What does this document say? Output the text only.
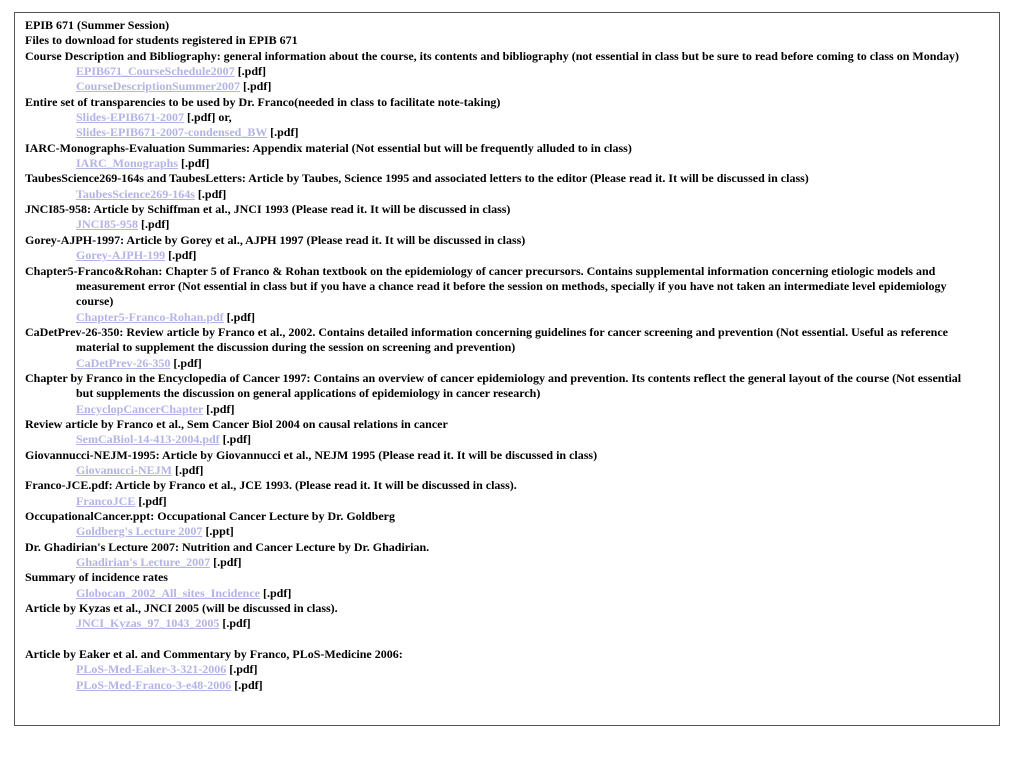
EPIB 671 (Summer Session)
Files to download for students registered in EPIB 671
Course Description and Bibliography: general information about the course, its contents and bibliography (not essential in class but be sure to read before coming to class on Monday)
EPIB671_CourseSchedule2007 [.pdf]
CourseDescriptionSummer2007 [.pdf]
Entire set of transparencies to be used by Dr. Franco(needed in class to facilitate note-taking)
Slides-EPIB671-2007 [.pdf] or,
Slides-EPIB671-2007-condensed_BW [.pdf]
IARC-Monographs-Evaluation Summaries: Appendix material (Not essential but will be frequently alluded to in class)
IARC_Monographs [.pdf]
TaubesScience269-164s and TaubesLetters: Article by Taubes, Science 1995 and associated letters to the editor (Please read it. It will be discussed in class)
TaubesScience269-164s [.pdf]
JNCI85-958: Article by Schiffman et al., JNCI 1993 (Please read it. It will be discussed in class)
JNCI85-958 [.pdf]
Gorey-AJPH-1997: Article by Gorey et al., AJPH 1997 (Please read it. It will be discussed in class)
Gorey-AJPH-199 [.pdf]
Chapter5-Franco&Rohan: Chapter 5 of Franco & Rohan textbook on the epidemiology of cancer precursors. Contains supplemental information concerning etiologic models and measurement error (Not essential in class but if you have a chance read it before the session on methods, specially if you have not taken an intermediate level epidemiology course)
Chapter5-Franco-Rohan.pdf [.pdf]
CaDetPrev-26-350: Review article by Franco et al., 2002. Contains detailed information concerning guidelines for cancer screening and prevention (Not essential. Useful as reference material to supplement the discussion during the session on screening and prevention)
CaDetPrev-26-350 [.pdf]
Chapter by Franco in the Encyclopedia of Cancer 1997: Contains an overview of cancer epidemiology and prevention. Its contents reflect the general layout of the course (Not essential but supplements the discussion on general applications of epidemiology in cancer research)
EncyclopCancerChapter [.pdf]
Review article by Franco et al., Sem Cancer Biol 2004 on causal relations in cancer
SemCaBiol-14-413-2004.pdf [.pdf]
Giovannucci-NEJM-1995: Article by Giovannucci et al., NEJM 1995 (Please read it. It will be discussed in class)
Giovanucci-NEJM [.pdf]
Franco-JCE.pdf: Article by Franco et al., JCE 1993. (Please read it. It will be discussed in class).
FrancoJCE [.pdf]
OccupationalCancer.ppt: Occupational Cancer Lecture by Dr. Goldberg
Goldberg's Lecture 2007 [.ppt]
Dr. Ghadirian's Lecture 2007: Nutrition and Cancer Lecture by Dr. Ghadirian.
Ghadirian's Lecture_2007 [.pdf]
Summary of incidence rates
Globocan_2002_All_sites_Incidence [.pdf]
Article by Kyzas et al., JNCI 2005 (will be discussed in class).
JNCI_Kyzas_97_1043_2005 [.pdf]
Article by Eaker et al. and Commentary by Franco, PLoS-Medicine 2006:
PLoS-Med-Eaker-3-321-2006 [.pdf]
PLoS-Med-Franco-3-e48-2006 [.pdf]
